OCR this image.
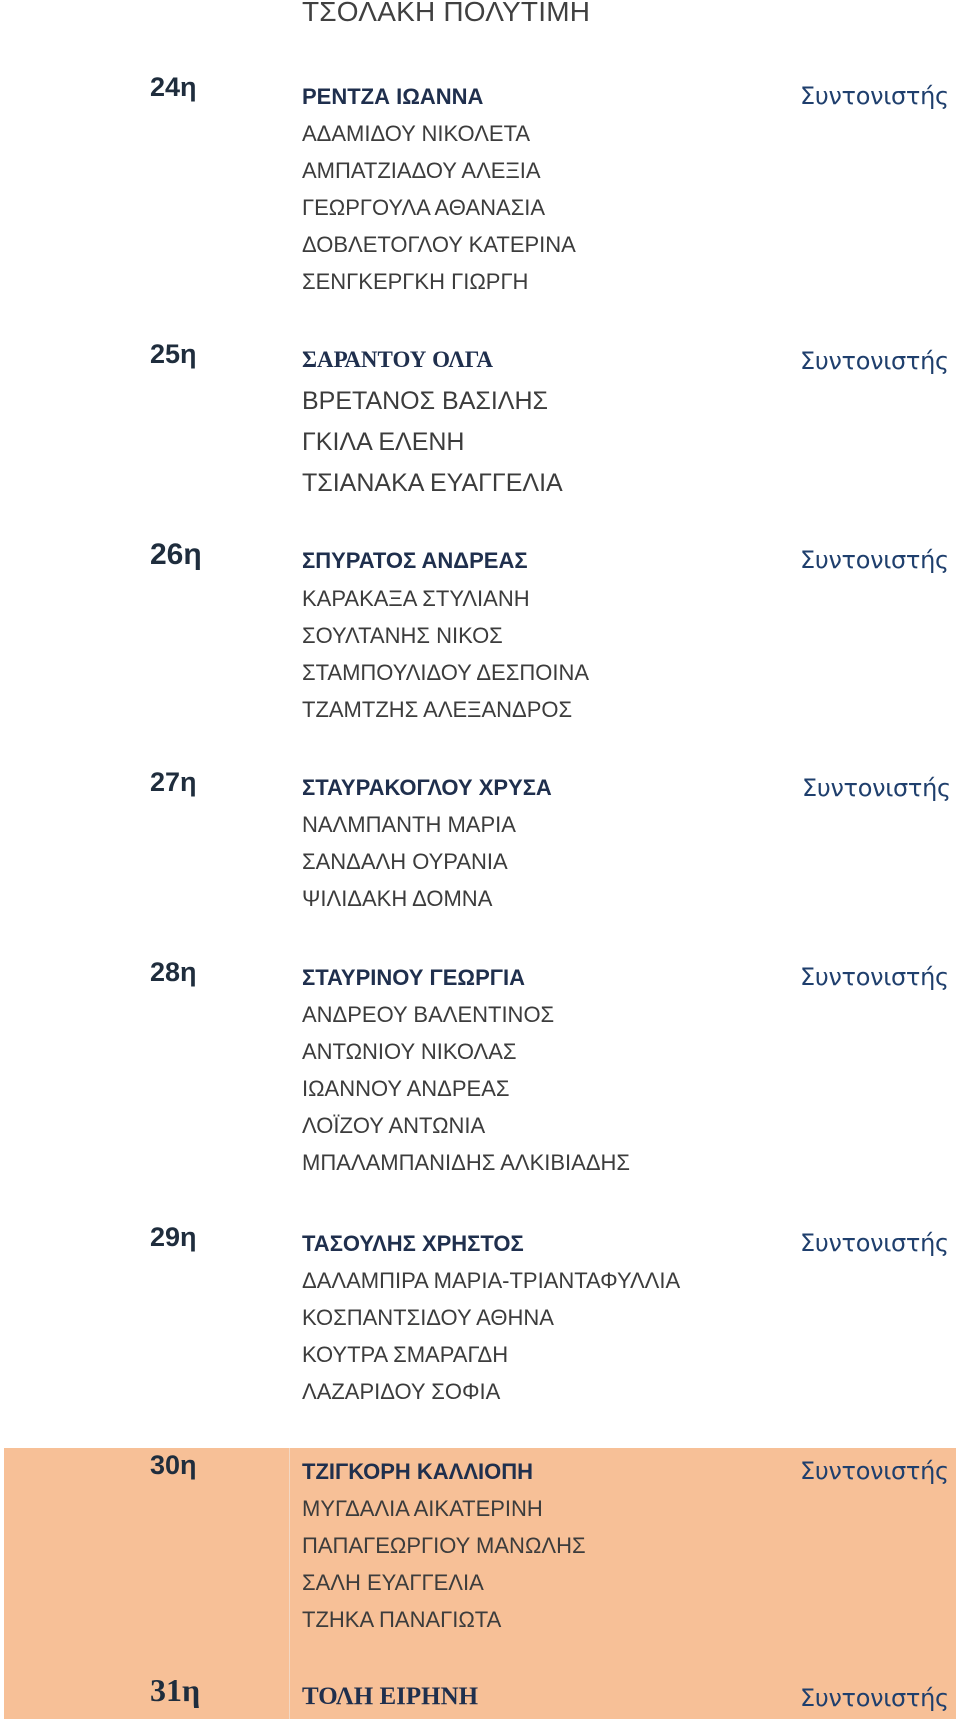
ΤΣΟΛΑΚΗ ΠΟΛΥΤΙΜΗ
24η	ΡΕΝΤΖΑ ΙΩΑΝΝΑ	Συντονιστής
ΑΔΑΜΙΔΟΥ ΝΙΚΟΛΕΤΑ
ΑΜΠΑΤΖΙΑΔΟΥ ΑΛΕΞΙΑ
ΓΕΩΡΓΟΥΛΑ ΑΘΑΝΑΣΙΑ
ΔΟΒΛΕΤΟΓΛΟΥ ΚΑΤΕΡΙΝΑ
ΣΕΝΓΚΕΡΓΚΗ ΓΙΩΡΓΗ
25η	ΣΑΡΑΝΤΟΥ ΟΛΓΑ	Συντονιστής
ΒΡΕΤΑΝΟΣ ΒΑΣΙΛΗΣ
ΓΚΙΛΑ ΕΛΕΝΗ
ΤΣΙΑΝΑΚΑ ΕΥΑΓΓΕΛΙΑ
26η	ΣΠΥΡΑΤΟΣ ΑΝΔΡΕΑΣ	Συντονιστής
ΚΑΡΑΚΑΞΑ ΣΤΥΛΙΑΝΗ
ΣΟΥΛΤΑΝΗΣ ΝΙΚΟΣ
ΣΤΑΜΠΟΥΛΙΔΟΥ ΔΕΣΠΟΙΝΑ
ΤΖΑΜΤΖΗΣ ΑΛΕΞΑΝΔΡΟΣ
27η	ΣΤΑΥΡΑΚΟΓΛΟΥ ΧΡΥΣΑ	Συντονιστής
ΝΑΛΜΠΑΝΤΗ ΜΑΡΙΑ
ΣΑΝΔΑΛΗ ΟΥΡΑΝΙΑ
ΨΙΛΙΔΑΚΗ ΔΟΜΝΑ
28η	ΣΤΑΥΡΙΝΟΥ ΓΕΩΡΓΙΑ	Συντονιστής
ΑΝΔΡΕΟΥ ΒΑΛΕΝΤΙΝΟΣ
ΑΝΤΩΝΙΟΥ ΝΙΚΟΛΑΣ
ΙΩΑΝΝΟΥ ΑΝΔΡΕΑΣ
ΛΟΪΖΟΥ ΑΝΤΩΝΙΑ
ΜΠΑΛΑΜΠΑΝΙΔΗΣ ΑΛΚΙΒΙΑΔΗΣ
29η	ΤΑΣΟΥΛΗΣ ΧΡΗΣΤΟΣ	Συντονιστής
ΔΑΛΑΜΠΙΡΑ ΜΑΡΙΑ-ΤΡΙΑΝΤΑΦΥΛΛΙΑ
ΚΟΣΠΑΝΤΣΙΔΟΥ ΑΘΗΝΑ
ΚΟΥΤΡΑ ΣΜΑΡΑΓΔΗ
ΛΑΖΑΡΙΔΟΥ ΣΟΦΙΑ
30η	ΤΖΙΓΚΟΡΗ ΚΑΛΛΙΟΠΗ	Συντονιστής
ΜΥΓΔΑΛΙΑ ΑΙΚΑΤΕΡΙΝΗ
ΠΑΠΑΓΕΩΡΓΙΟΥ ΜΑΝΩΛΗΣ
ΣΑΛΗ ΕΥΑΓΓΕΛΙΑ
ΤΖΗΚΑ ΠΑΝΑΓΙΩΤΑ
31η	ΤΟΛΗ ΕΙΡΗΝΗ	Συντονιστής
